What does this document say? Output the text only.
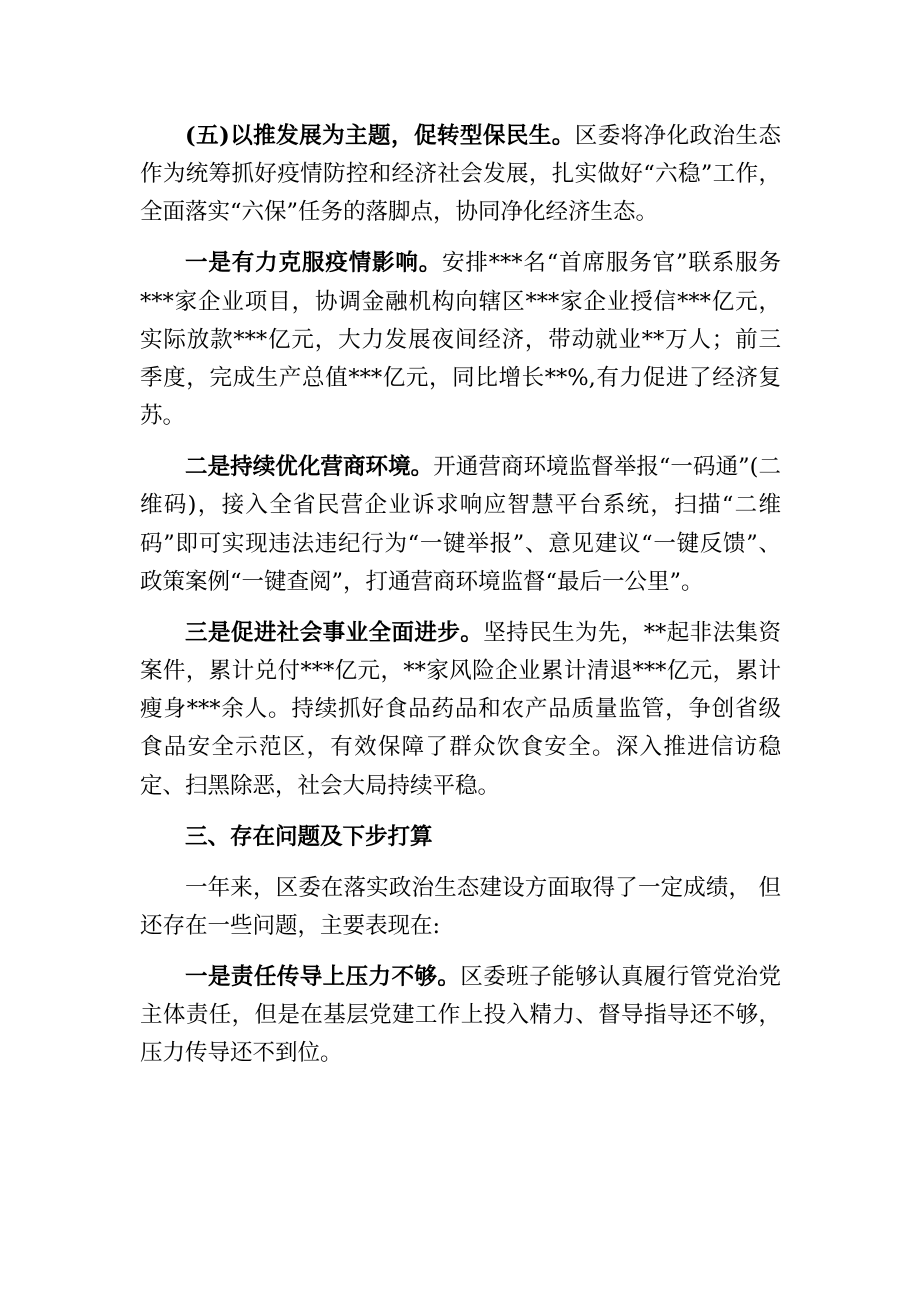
(五)以推发展为主题，促转型保民生。区委将净化政治生态作为统筹抓好疫情防控和经济社会发展，扎实做好“六稳”工作，全面落实“六保”任务的落脚点，协同净化经济生态。

一是有力克服疫情影响。安排***名“首席服务官”联系服务***家企业项目，协调金融机构向辖区***家企业授信***亿元，实际放款***亿元，大力发展夜间经济，带动就业**万人；前三季度，完成生产总值***亿元，同比增长**%,有力促进了经济复苏。

二是持续优化营商环境。开通营商环境监督举报“一码通”(二维码)，接入全省民营企业诉求响应智慧平台系统，扫描“二维码”即可实现违法违纪行为“一键举报”、意见建议“一键反馈”、政策案例“一键查阅”，打通营商环境监督“最后一公里”。

三是促进社会事业全面进步。坚持民生为先，**起非法集资案件，累计兑付***亿元，**家风险企业累计清退***亿元，累计瘦身***余人。持续抓好食品药品和农产品质量监管，争创省级食品安全示范区，有效保障了群众饮食安全。深入推进信访稳定、扫黑除恶，社会大局持续平稳。

三、存在问题及下步打算

一年来，区委在落实政治生态建设方面取得了一定成绩， 但还存在一些问题，主要表现在:

一是责任传导上压力不够。区委班子能够认真履行管党治党主体责任，但是在基层党建工作上投入精力、督导指导还不够，压力传导还不到位。
